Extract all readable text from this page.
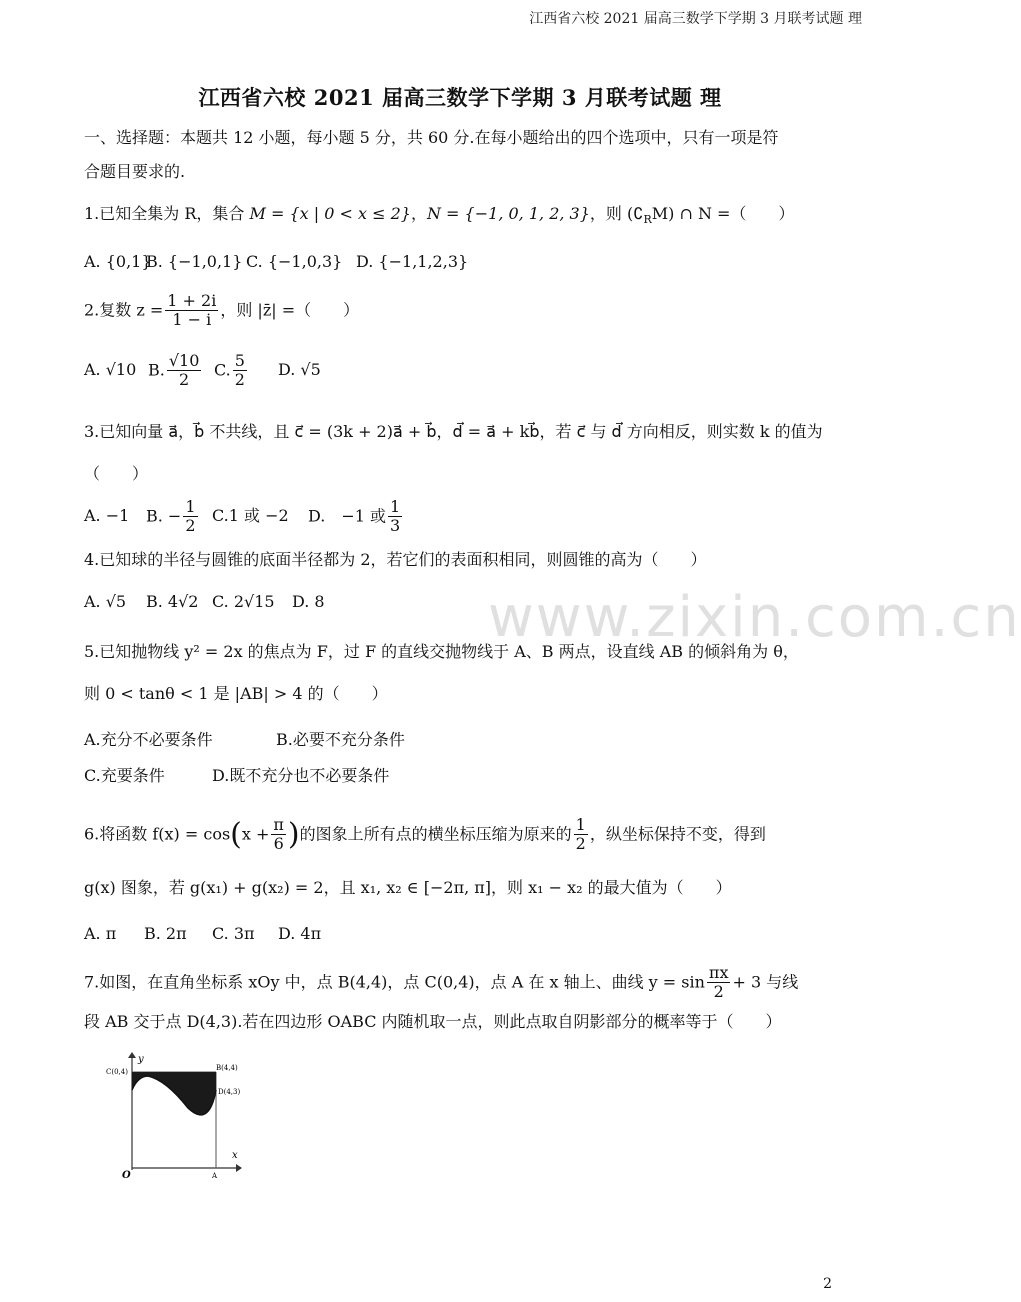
江西省六校 2021 届高三数学下学期 3 月联考试题 理
www.zixin.com.cn
江西省六校 2021 届高三数学下学期 3 月联考试题 理
一、选择题：本题共 12 小题，每小题 5 分，共 60 分.在每小题给出的四个选项中，只有一项是符
合题目要求的.
1.已知全集为 R，集合 M = {x | 0 < x ≤ 2}，N = {−1, 0, 1, 2, 3}，则 $(∁_RM)$ ∩ N =（　　）
A. {0,1}B. {−1,0,1} C. {−1,0,3} D. {−1,1,2,3}
2.复数 $z = \frac{1 + 2i}{1 - i}$ ，则 |z̄| =（　　）
A. √10 B. $\frac{√10}{2} C$. $\frac{5}{2} D$. √5
3.已知向量 a⃗，b⃗ 不共线，且 c⃗ = (3k + 2)a⃗ + b⃗，d⃗ = a⃗ + kb⃗，若 c⃗ 与 d⃗ 方向相反，则实数 k 的值为
（　　）
A. −1 B. − $\frac{1}{2} C.1$ 或 −2 D.　−1 或 $\frac{1}{3}$
4.已知球的半径与圆锥的底面半径都为 2，若它们的表面积相同，则圆锥的高为（　　）
A. √5 B. 4√2 C. 2√15 D. 8
5.已知抛物线 y² = 2x 的焦点为 F，过 F 的直线交抛物线于 A、B 两点，设直线 AB 的倾斜角为 θ，
则 0 < tanθ < 1 是 |AB| > 4 的（　　）
A.充分不必要条件	B.必要不充分条件
C.充要条件	D.既不充分也不必要条件
6.将函数 $f(x) = \cos(x + \frac{\pi}{6}$ )的图象上所有点的横坐标压缩为原来的 $\frac{1}{2}$ ，纵坐标保持不变，得到
g(x) 图象，若 g(x₁) + g(x₂) = 2，且 x₁, x₂ ∈ [−2π, π]，则 x₁ − x₂ 的最大值为（　　）
A. π B. 2π C. 3π D. 4π
7.如图，在直角坐标系 xOy 中，点 B(4,4)，点 C(0,4)，点 A 在 x 轴上、曲线 $y = \sin \frac{\pi x}{2} + 3$ 与线
段 AB 交于点 D(4,3).若在四边形 OABC 内随机取一点，则此点取自阴影部分的概率等于（　　）
y
x
O	A
C(0,4)	B(4,4)
D(4,3)
2
